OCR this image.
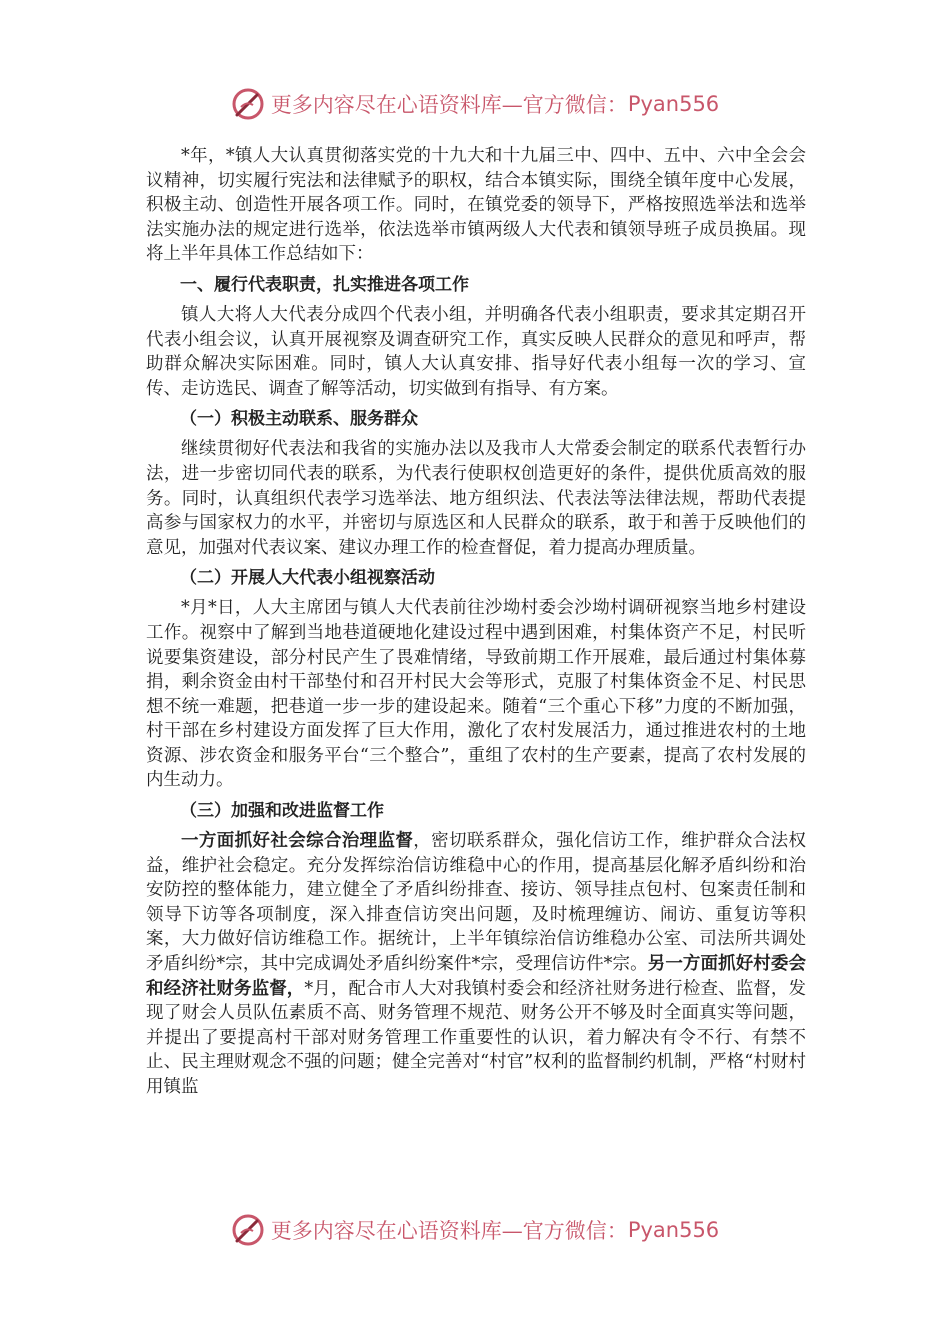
更多内容尽在心语资料库—官方微信： Pyan556

*年，*镇人大认真贯彻落实党的十九大和十九届三中、四中、五中、六中全会会议精神，切实履行宪法和法律赋予的职权，结合本镇实际，围绕全镇年度中心发展，积极主动、创造性开展各项工作。同时，在镇党委的领导下，严格按照选举法和选举法实施办法的规定进行选举，依法选举市镇两级人大代表和镇领导班子成员换届。现将上半年具体工作总结如下：

一、履行代表职责，扎实推进各项工作

镇人大将人大代表分成四个代表小组，并明确各代表小组职责，要求其定期召开代表小组会议，认真开展视察及调查研究工作，真实反映人民群众的意见和呼声，帮助群众解决实际困难。同时，镇人大认真安排、指导好代表小组每一次的学习、宣传、走访选民、调查了解等活动，切实做到有指导、有方案。

（一）积极主动联系、服务群众

继续贯彻好代表法和我省的实施办法以及我市人大常委会制定的联系代表暂行办法，进一步密切同代表的联系，为代表行使职权创造更好的条件，提供优质高效的服务。同时，认真组织代表学习选举法、地方组织法、代表法等法律法规，帮助代表提高参与国家权力的水平，并密切与原选区和人民群众的联系，敢于和善于反映他们的意见，加强对代表议案、建议办理工作的检查督促，着力提高办理质量。

（二）开展人大代表小组视察活动

*月*日，人大主席团与镇人大代表前往沙坳村委会沙坳村调研视察当地乡村建设工作。视察中了解到当地巷道硬地化建设过程中遇到困难，村集体资产不足，村民听说要集资建设，部分村民产生了畏难情绪，导致前期工作开展难，最后通过村集体募捐，剩余资金由村干部垫付和召开村民大会等形式，克服了村集体资金不足、村民思想不统一难题，把巷道一步一步的建设起来。随着“三个重心下移”力度的不断加强，村干部在乡村建设方面发挥了巨大作用，激化了农村发展活力，通过推进农村的土地资源、涉农资金和服务平台“三个整合”，重组了农村的生产要素，提高了农村发展的内生动力。

（三）加强和改进监督工作

一方面抓好社会综合治理监督，密切联系群众，强化信访工作，维护群众合法权益，维护社会稳定。充分发挥综治信访维稳中心的作用，提高基层化解矛盾纠纷和治安防控的整体能力，建立健全了矛盾纠纷排查、接访、领导挂点包村、包案责任制和领导下访等各项制度，深入排查信访突出问题，及时梳理缠访、闹访、重复访等积案，大力做好信访维稳工作。据统计，上半年镇综治信访维稳办公室、司法所共调处矛盾纠纷*宗，其中完成调处矛盾纠纷案件*宗，受理信访件*宗。另一方面抓好村委会和经济社财务监督，*月，配合市人大对我镇村委会和经济社财务进行检查、监督，发现了财会人员队伍素质不高、财务管理不规范、财务公开不够及时全面真实等问题，并提出了要提高村干部对财务管理工作重要性的认识，着力解决有令不行、有禁不止、民主理财观念不强的问题；健全完善对“村官”权利的监督制约机制，严格“村财村用镇监

更多内容尽在心语资料库—官方微信： Pyan556
